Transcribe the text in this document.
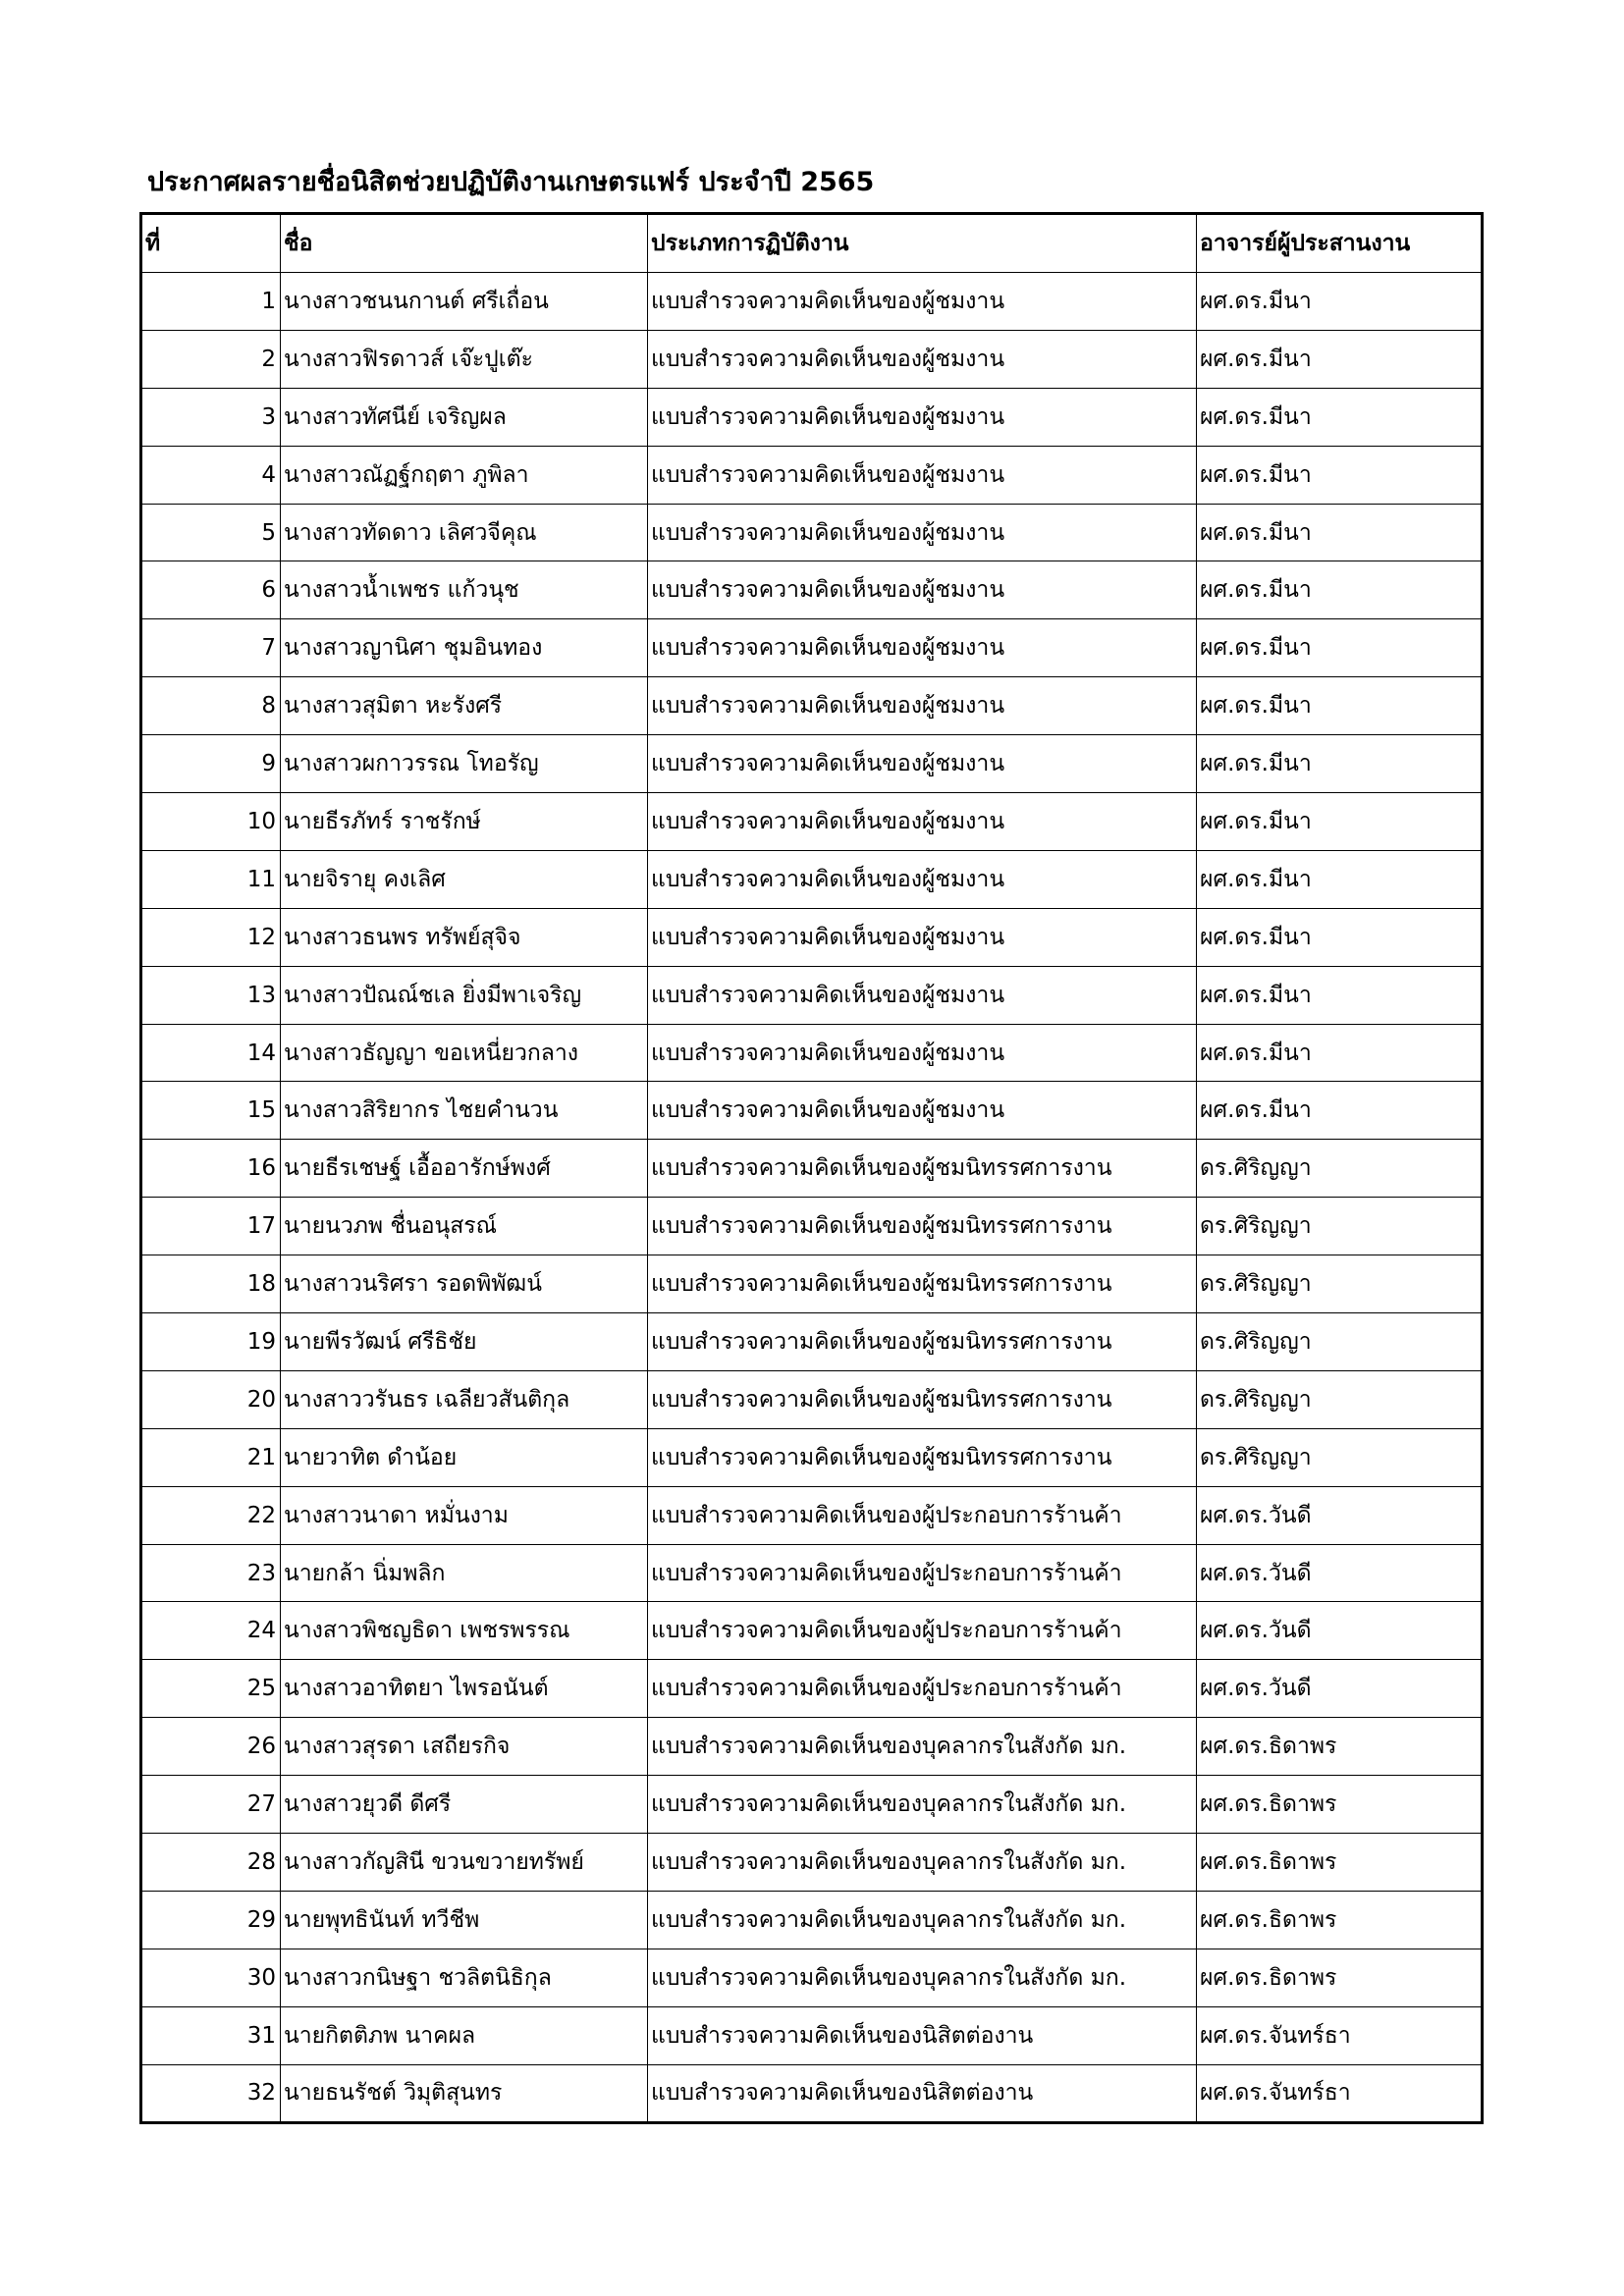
ประกาศผลรายชื่อนิสิตช่วยปฏิบัติงานเกษตรแฟร์ ประจำปี 2565
ที่	ชื่อ	ประเภทการฏิบัติงาน	อาจารย์ผู้ประสานงาน
1	นางสาวชนนกานต์ ศรีเถื่อน	แบบสำรวจความคิดเห็นของผู้ชมงาน	ผศ.ดร.มีนา
2	นางสาวฟิรดาวส์ เจ๊ะปูเต๊ะ	แบบสำรวจความคิดเห็นของผู้ชมงาน	ผศ.ดร.มีนา
3	นางสาวทัศนีย์ เจริญผล	แบบสำรวจความคิดเห็นของผู้ชมงาน	ผศ.ดร.มีนา
4	นางสาวณัฏฐ์กฤตา ภูพิลา	แบบสำรวจความคิดเห็นของผู้ชมงาน	ผศ.ดร.มีนา
5	นางสาวทัดดาว เลิศวจีคุณ	แบบสำรวจความคิดเห็นของผู้ชมงาน	ผศ.ดร.มีนา
6	นางสาวน้ำเพชร แก้วนุช	แบบสำรวจความคิดเห็นของผู้ชมงาน	ผศ.ดร.มีนา
7	นางสาวญานิศา ชุมอินทอง	แบบสำรวจความคิดเห็นของผู้ชมงาน	ผศ.ดร.มีนา
8	นางสาวสุมิตา หะรังศรี	แบบสำรวจความคิดเห็นของผู้ชมงาน	ผศ.ดร.มีนา
9	นางสาวผกาวรรณ โทอรัญ	แบบสำรวจความคิดเห็นของผู้ชมงาน	ผศ.ดร.มีนา
10	นายธีรภัทร์ ราชรักษ์	แบบสำรวจความคิดเห็นของผู้ชมงาน	ผศ.ดร.มีนา
11	นายจิรายุ คงเลิศ	แบบสำรวจความคิดเห็นของผู้ชมงาน	ผศ.ดร.มีนา
12	นางสาวธนพร ทรัพย์สุจิจ	แบบสำรวจความคิดเห็นของผู้ชมงาน	ผศ.ดร.มีนา
13	นางสาวปัณณ์ชเล ยิ่งมีพาเจริญ	แบบสำรวจความคิดเห็นของผู้ชมงาน	ผศ.ดร.มีนา
14	นางสาวธัญญา ขอเหนี่ยวกลาง	แบบสำรวจความคิดเห็นของผู้ชมงาน	ผศ.ดร.มีนา
15	นางสาวสิริยากร ไชยคำนวน	แบบสำรวจความคิดเห็นของผู้ชมงาน	ผศ.ดร.มีนา
16	นายธีรเชษฐ์ เอื้ออารักษ์พงศ์	แบบสำรวจความคิดเห็นของผู้ชมนิทรรศการงาน	ดร.ศิริญญา
17	นายนวภพ ชื่นอนุสรณ์	แบบสำรวจความคิดเห็นของผู้ชมนิทรรศการงาน	ดร.ศิริญญา
18	นางสาวนริศรา รอดพิพัฒน์	แบบสำรวจความคิดเห็นของผู้ชมนิทรรศการงาน	ดร.ศิริญญา
19	นายพีรวัฒน์ ศรีธิชัย	แบบสำรวจความคิดเห็นของผู้ชมนิทรรศการงาน	ดร.ศิริญญา
20	นางสาววรันธร เฉลียวสันติกุล	แบบสำรวจความคิดเห็นของผู้ชมนิทรรศการงาน	ดร.ศิริญญา
21	นายวาทิต ดำน้อย	แบบสำรวจความคิดเห็นของผู้ชมนิทรรศการงาน	ดร.ศิริญญา
22	นางสาวนาดา หมั่นงาม	แบบสำรวจความคิดเห็นของผู้ประกอบการร้านค้า	ผศ.ดร.วันดี
23	นายกล้า นิ่มพลิก	แบบสำรวจความคิดเห็นของผู้ประกอบการร้านค้า	ผศ.ดร.วันดี
24	นางสาวพิชญธิดา เพชรพรรณ	แบบสำรวจความคิดเห็นของผู้ประกอบการร้านค้า	ผศ.ดร.วันดี
25	นางสาวอาทิตยา ไพรอนันต์	แบบสำรวจความคิดเห็นของผู้ประกอบการร้านค้า	ผศ.ดร.วันดี
26	นางสาวสุรดา เสถียรกิจ	แบบสำรวจความคิดเห็นของบุคลากรในสังกัด มก.	ผศ.ดร.ธิดาพร
27	นางสาวยุวดี ดีศรี	แบบสำรวจความคิดเห็นของบุคลากรในสังกัด มก.	ผศ.ดร.ธิดาพร
28	นางสาวกัญสินี ขวนขวายทรัพย์	แบบสำรวจความคิดเห็นของบุคลากรในสังกัด มก.	ผศ.ดร.ธิดาพร
29	นายพุทธินันท์ ทวีชีพ	แบบสำรวจความคิดเห็นของบุคลากรในสังกัด มก.	ผศ.ดร.ธิดาพร
30	นางสาวกนิษฐา ชวลิตนิธิกุล	แบบสำรวจความคิดเห็นของบุคลากรในสังกัด มก.	ผศ.ดร.ธิดาพร
31	นายกิตติภพ นาคผล	แบบสำรวจความคิดเห็นของนิสิตต่องาน	ผศ.ดร.จันทร์ธา
32	นายธนรัชต์ วิมุติสุนทร	แบบสำรวจความคิดเห็นของนิสิตต่องาน	ผศ.ดร.จันทร์ธา
